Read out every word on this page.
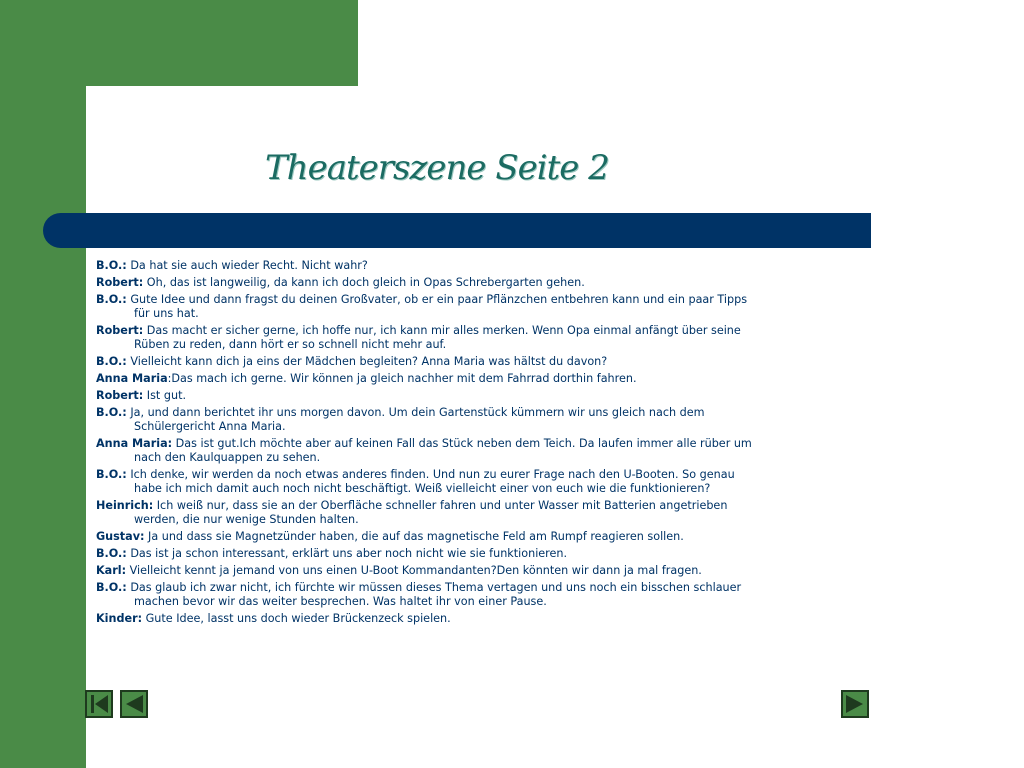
Theaterszene Seite 2
B.O.: Da hat sie auch wieder Recht. Nicht wahr?
Robert: Oh, das ist langweilig, da kann ich doch gleich in Opas Schrebergarten gehen.
B.O.: Gute Idee und dann fragst du deinen Großvater, ob er ein paar Pflänzchen entbehren kann und ein paar Tipps für uns hat.
Robert: Das macht er sicher gerne, ich hoffe nur, ich kann mir alles merken. Wenn Opa einmal anfängt über seine Rüben zu reden, dann hört er so schnell nicht mehr auf.
B.O.: Vielleicht kann dich ja eins der Mädchen begleiten? Anna Maria was hältst du davon?
Anna Maria:Das mach ich gerne. Wir können ja gleich nachher mit dem Fahrrad dorthin fahren.
Robert: Ist gut.
B.O.: Ja, und dann berichtet ihr uns morgen davon. Um dein Gartenstück kümmern wir uns gleich nach dem Schülergericht Anna Maria.
Anna Maria: Das ist gut.Ich möchte aber auf keinen Fall das Stück neben dem Teich. Da laufen immer alle rüber um nach den Kaulquappen zu sehen.
B.O.: Ich denke, wir werden da noch etwas anderes finden. Und nun zu eurer Frage nach den U-Booten. So genau habe ich mich damit auch noch nicht beschäftigt. Weiß vielleicht einer von euch wie die funktionieren?
Heinrich: Ich weiß nur, dass sie an der Oberfläche schneller fahren und unter Wasser mit Batterien angetrieben werden, die nur wenige Stunden halten.
Gustav: Ja und dass sie Magnetzünder haben, die auf das magnetische Feld am Rumpf reagieren sollen.
B.O.: Das ist ja schon interessant, erklärt uns aber noch nicht wie sie funktionieren.
Karl: Vielleicht kennt ja jemand von uns einen U-Boot Kommandanten?Den könnten wir dann ja mal fragen.
B.O.: Das glaub ich zwar nicht, ich fürchte wir müssen dieses Thema vertagen und uns noch ein bisschen schlauer machen bevor wir das weiter besprechen. Was haltet ihr von einer Pause.
Kinder: Gute Idee, lasst uns doch wieder Brückenzeck spielen.
